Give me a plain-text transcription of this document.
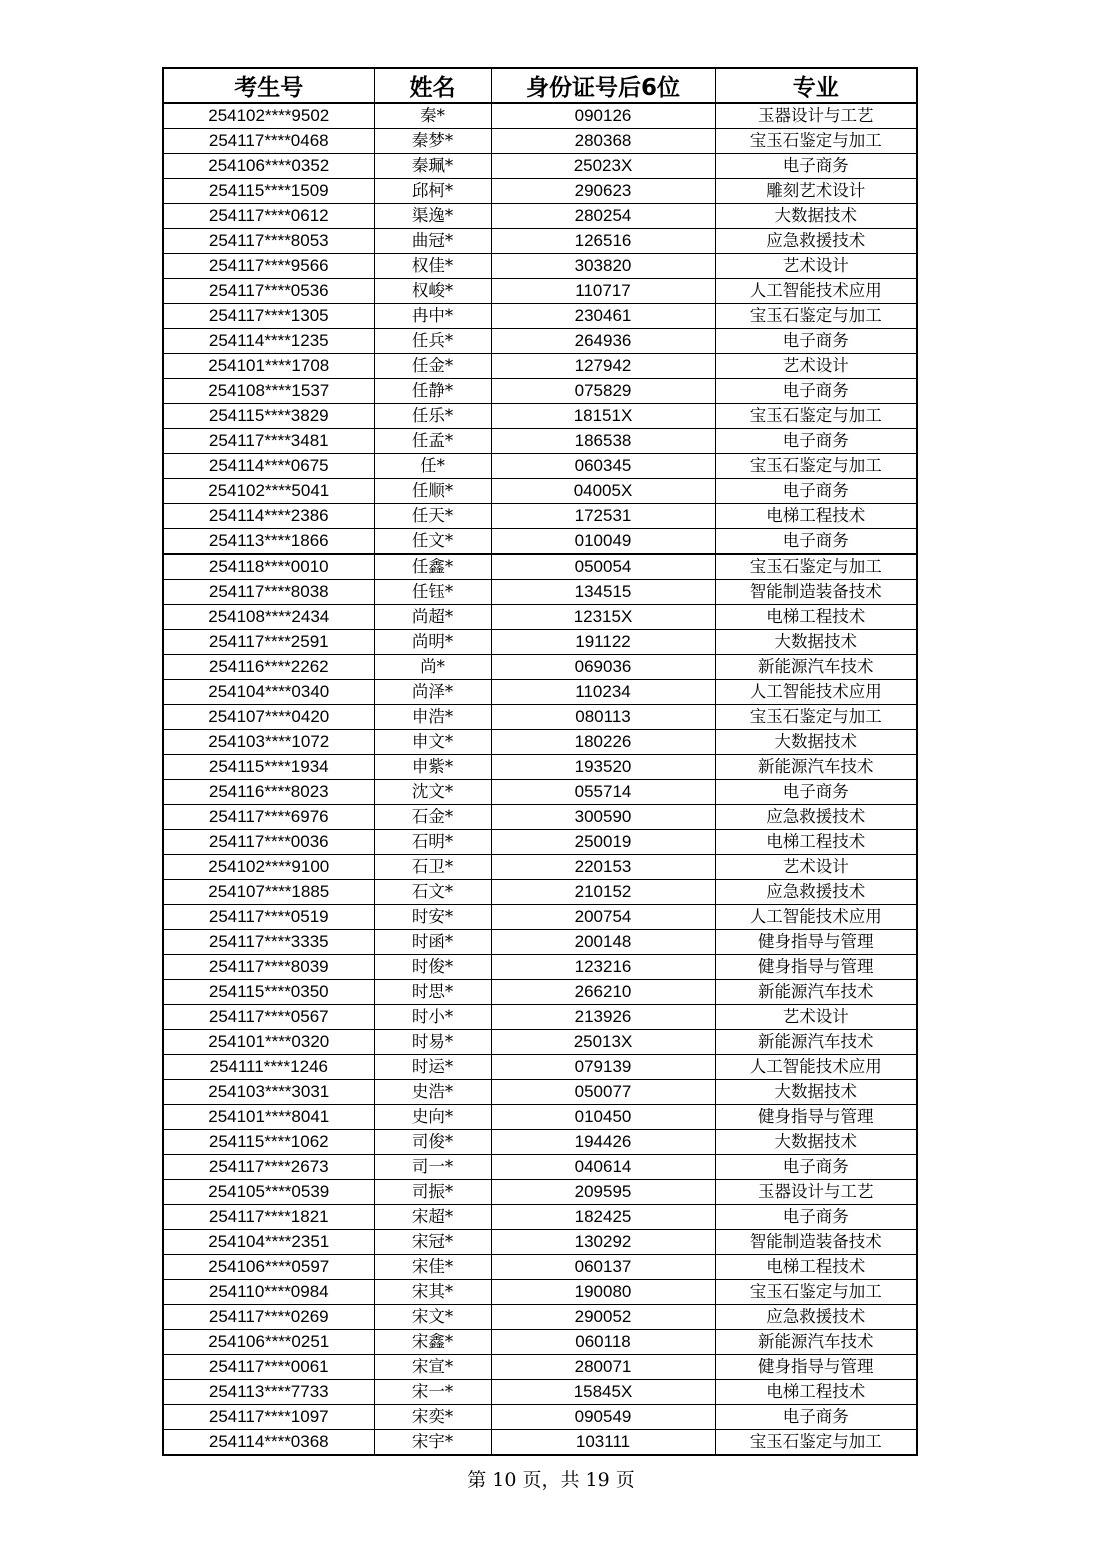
考生号	姓名	身份证号后6位	专业
254102****9502	秦*	090126	玉器设计与工艺
254117****0468	秦梦*	280368	宝玉石鉴定与加工
254106****0352	秦珮*	25023X	电子商务
254115****1509	邱柯*	290623	雕刻艺术设计
254117****0612	渠逸*	280254	大数据技术
254117****8053	曲冠*	126516	应急救援技术
254117****9566	权佳*	303820	艺术设计
254117****0536	权峻*	110717	人工智能技术应用
254117****1305	冉中*	230461	宝玉石鉴定与加工
254114****1235	任兵*	264936	电子商务
254101****1708	任金*	127942	艺术设计
254108****1537	任静*	075829	电子商务
254115****3829	任乐*	18151X	宝玉石鉴定与加工
254117****3481	任孟*	186538	电子商务
254114****0675	任*	060345	宝玉石鉴定与加工
254102****5041	任顺*	04005X	电子商务
254114****2386	任天*	172531	电梯工程技术
254113****1866	任文*	010049	电子商务
254118****0010	任鑫*	050054	宝玉石鉴定与加工
254117****8038	任钰*	134515	智能制造装备技术
254108****2434	尚超*	12315X	电梯工程技术
254117****2591	尚明*	191122	大数据技术
254116****2262	尚*	069036	新能源汽车技术
254104****0340	尚泽*	110234	人工智能技术应用
254107****0420	申浩*	080113	宝玉石鉴定与加工
254103****1072	申文*	180226	大数据技术
254115****1934	申紫*	193520	新能源汽车技术
254116****8023	沈文*	055714	电子商务
254117****6976	石金*	300590	应急救援技术
254117****0036	石明*	250019	电梯工程技术
254102****9100	石卫*	220153	艺术设计
254107****1885	石文*	210152	应急救援技术
254117****0519	时安*	200754	人工智能技术应用
254117****3335	时函*	200148	健身指导与管理
254117****8039	时俊*	123216	健身指导与管理
254115****0350	时思*	266210	新能源汽车技术
254117****0567	时小*	213926	艺术设计
254101****0320	时易*	25013X	新能源汽车技术
254111****1246	时运*	079139	人工智能技术应用
254103****3031	史浩*	050077	大数据技术
254101****8041	史向*	010450	健身指导与管理
254115****1062	司俊*	194426	大数据技术
254117****2673	司一*	040614	电子商务
254105****0539	司振*	209595	玉器设计与工艺
254117****1821	宋超*	182425	电子商务
254104****2351	宋冠*	130292	智能制造装备技术
254106****0597	宋佳*	060137	电梯工程技术
254110****0984	宋其*	190080	宝玉石鉴定与加工
254117****0269	宋文*	290052	应急救援技术
254106****0251	宋鑫*	060118	新能源汽车技术
254117****0061	宋宣*	280071	健身指导与管理
254113****7733	宋一*	15845X	电梯工程技术
254117****1097	宋奕*	090549	电子商务
254114****0368	宋宇*	103111	宝玉石鉴定与加工
第 10 页，共 19 页
